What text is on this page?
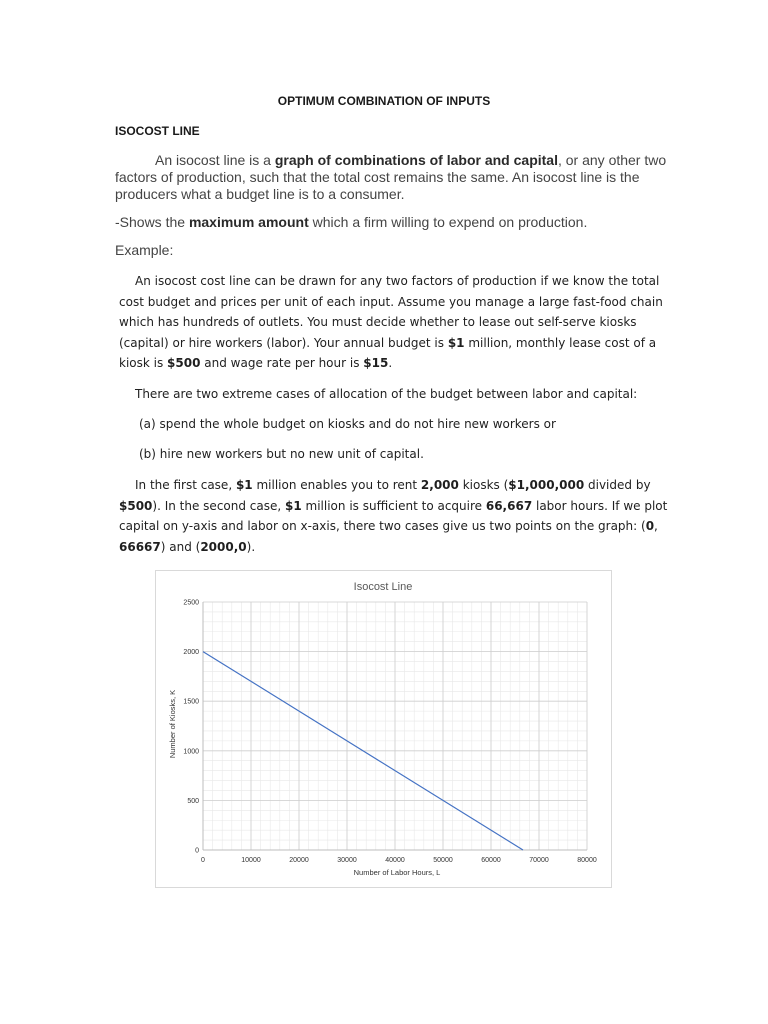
OPTIMUM COMBINATION OF INPUTS
ISOCOST LINE
An isocost line is a graph of combinations of labor and capital, or any other two factors of production, such that the total cost remains the same. An isocost line is the producers what a budget line is to a consumer.
-Shows the maximum amount which a firm willing to expend on production.
Example:
An isocost cost line can be drawn for any two factors of production if we know the total cost budget and prices per unit of each input. Assume you manage a large fast-food chain which has hundreds of outlets. You must decide whether to lease out self-serve kiosks (capital) or hire workers (labor). Your annual budget is $1 million, monthly lease cost of a kiosk is $500 and wage rate per hour is $15.
There are two extreme cases of allocation of the budget between labor and capital:
(a) spend the whole budget on kiosks and do not hire new workers or
(b) hire new workers but no new unit of capital.
In the first case, $1 million enables you to rent 2,000 kiosks ($1,000,000 divided by $500). In the second case, $1 million is sufficient to acquire 66,667 labor hours. If we plot capital on y-axis and labor on x-axis, there two cases give us two points on the graph: (0, 66667) and (2000,0).
0	10000	20000	30000	40000	50000	60000	70000	80000
0
500
1000
1500
2000
2500
Isocost Line
Number of Labor Hours, L
Number of Kiosks, K
